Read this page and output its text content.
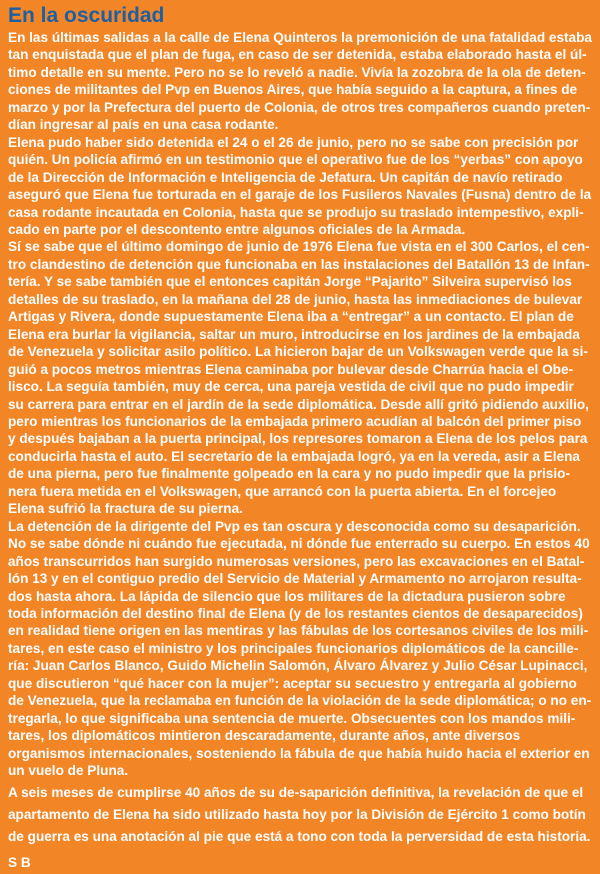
En la oscuridad

En las últimas salidas a la calle de Elena Quinteros la premonición de una fatalidad estaba
tan enquistada que el plan de fuga, en caso de ser detenida, estaba elaborado hasta el úl-
timo detalle en su mente. Pero no se lo reveló a nadie. Vivía la zozobra de la ola de deten-
ciones de militantes del Pvp en Buenos Aires, que había seguido a la captura, a fines de
marzo y por la Prefectura del puerto de Colonia, de otros tres compañeros cuando preten-
dían ingresar al país en una casa rodante.

Elena pudo haber sido detenida el 24 o el 26 de junio, pero no se sabe con precisión por
quién. Un policía afirmó en un testimonio que el operativo fue de los “yerbas” con apoyo
de la Dirección de Información e Inteligencia de Jefatura. Un capitán de navío retirado
aseguró que Elena fue torturada en el garaje de los Fusileros Navales (Fusna) dentro de la
casa rodante incautada en Colonia, hasta que se produjo su traslado intempestivo, expli-
cado en parte por el descontento entre algunos oficiales de la Armada.

Sí se sabe que el último domingo de junio de 1976 Elena fue vista en el 300 Carlos, el cen-
tro clandestino de detención que funcionaba en las instalaciones del Batallón 13 de Infan-
tería. Y se sabe también que el entonces capitán Jorge “Pajarito” Silveira supervisó los
detalles de su traslado, en la mañana del 28 de junio, hasta las inmediaciones de bulevar
Artigas y Rivera, donde supuestamente Elena iba a “entregar” a un contacto. El plan de
Elena era burlar la vigilancia, saltar un muro, introducirse en los jardines de la embajada
de Venezuela y solicitar asilo político. La hicieron bajar de un Volkswagen verde que la si-
guió a pocos metros mientras Elena caminaba por bulevar desde Charrúa hacia el Obe-
lisco. La seguía también, muy de cerca, una pareja vestida de civil que no pudo impedir
su carrera para entrar en el jardín de la sede diplomática. Desde allí gritó pidiendo auxilio,
pero mientras los funcionarios de la embajada primero acudían al balcón del primer piso
y después bajaban a la puerta principal, los represores tomaron a Elena de los pelos para
conducirla hasta el auto. El secretario de la embajada logró, ya en la vereda, asir a Elena
de una pierna, pero fue finalmente golpeado en la cara y no pudo impedir que la prisio-
nera fuera metida en el Volkswagen, que arrancó con la puerta abierta. En el forcejeo
Elena sufrió la fractura de su pierna.

La detención de la dirigente del Pvp es tan oscura y desconocida como su desaparición.
No se sabe dónde ni cuándo fue ejecutada, ni dónde fue enterrado su cuerpo. En estos 40
años transcurridos han surgido numerosas versiones, pero las excavaciones en el Batal-
lón 13 y en el contiguo predio del Servicio de Material y Armamento no arrojaron resulta-
dos hasta ahora. La lápida de silencio que los militares de la dictadura pusieron sobre
toda información del destino final de Elena (y de los restantes cientos de desaparecidos)
en realidad tiene origen en las mentiras y las fábulas de los cortesanos civiles de los mili-
tares, en este caso el ministro y los principales funcionarios diplomáticos de la cancille-
ría: Juan Carlos Blanco, Guido Michelin Salomón, Álvaro Álvarez y Julio César Lupinacci,
que discutieron “qué hacer con la mujer”: aceptar su secuestro y entregarla al gobierno
de Venezuela, que la reclamaba en función de la violación de la sede diplomática; o no en-
tregarla, lo que significaba una sentencia de muerte. Obsecuentes con los mandos mili-
tares, los diplomáticos mintieron descaradamente, durante años, ante diversos
organismos internacionales, sosteniendo la fábula de que había huido hacia el exterior en
un vuelo de Pluna.

A seis meses de cumplirse 40 años de su de-saparición definitiva, la revelación de que el
apartamento de Elena ha sido utilizado hasta hoy por la División de Ejército 1 como botín
de guerra es una anotación al pie que está a tono con toda la perversidad de esta historia.

S B
